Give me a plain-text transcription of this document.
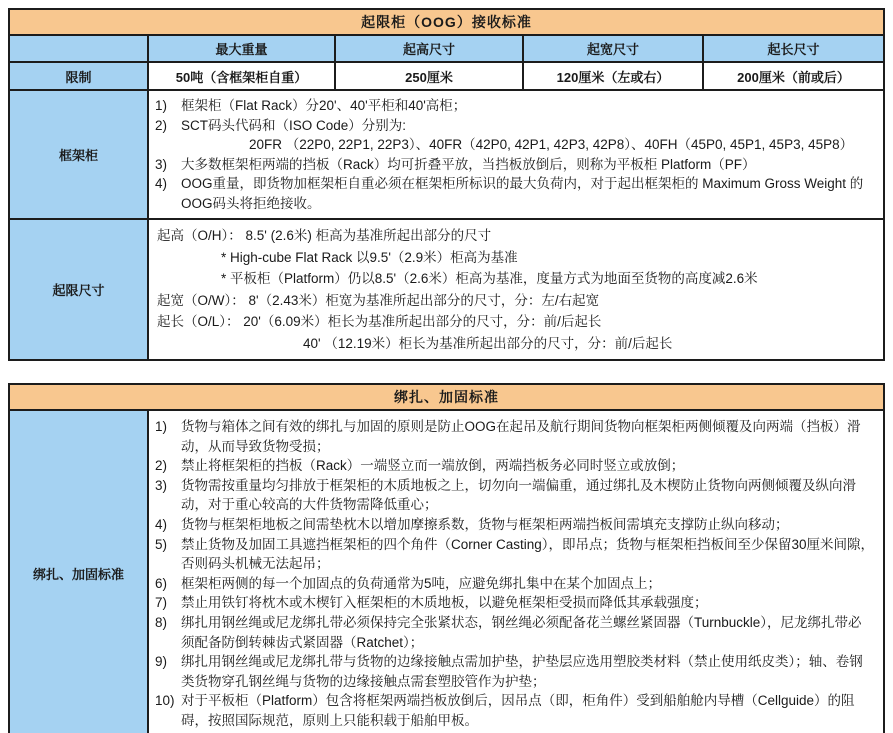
起限柜（OOG）接收标准
最大重量	起高尺寸	起宽尺寸	起长尺寸
限制	50吨（含框架柜自重）	250厘米	120厘米（左或右）	200厘米（前或后）
框架柜
1)	框架柜（Flat Rack）分20'、40'平柜和40'高柜；
2)	SCT码头代码和（ISO Code）分别为:
20FR （22P0, 22P1, 22P3）、40FR（42P0, 42P1, 42P3, 42P8）、40FH（45P0, 45P1, 45P3, 45P8）
3)	大多数框架柜两端的挡板（Rack）均可折叠平放，当挡板放倒后，则称为平板柜 Platform（PF）
4)	OOG重量，即货物加框架柜自重必须在框架柜所标识的最大负荷内，对于起出框架柜的 Maximum Gross Weight 的OOG码头将拒绝接收。
起限尺寸
起高（O/H）： 8.5' (2.6米) 柜高为基准所起出部分的尺寸
* High-cube Flat Rack 以9.5'（2.9米）柜高为基准
* 平板柜（Platform）仍以8.5'（2.6米）柜高为基准，度量方式为地面至货物的高度减2.6米
起宽（O/W）： 8'（2.43米）柜宽为基准所起出部分的尺寸，分：左/右起宽
起长（O/L）： 20'（6.09米）柜长为基准所起出部分的尺寸，分：前/后起长
40' （12.19米）柜长为基准所起出部分的尺寸，分：前/后起长
绑扎、加固标准
绑扎、加固标准
1)	货物与箱体之间有效的绑扎与加固的原则是防止OOG在起吊及航行期间货物向框架柜两侧倾覆及向两端（挡板）滑动，从而导致货物受损；
2)	禁止将框架柜的挡板（Rack）一端竖立而一端放倒，两端挡板务必同时竖立或放倒；
3)	货物需按重量均匀排放于框架柜的木质地板之上，切勿向一端偏重，通过绑扎及木楔防止货物向两侧倾覆及纵向滑动，对于重心较高的大件货物需降低重心；
4)	货物与框架柜地板之间需垫枕木以增加摩擦系数，货物与框架柜两端挡板间需填充支撑防止纵向移动；
5)	禁止货物及加固工具遮挡框架柜的四个角件（Corner Casting），即吊点；货物与框架柜挡板间至少保留30厘米间隙，否则码头机械无法起吊；
6)	框架柜两侧的每一个加固点的负荷通常为5吨，应避免绑扎集中在某个加固点上；
7)	禁止用铁钉将枕木或木楔钉入框架柜的木质地板，以避免框架柜受损而降低其承载强度；
8)	绑扎用钢丝绳或尼龙绑扎带必须保持完全张紧状态，钢丝绳必须配备花兰螺丝紧固器（Turnbuckle），尼龙绑扎带必须配备防倒转棘齿式紧固器（Ratchet）；
9)	绑扎用钢丝绳或尼龙绑扎带与货物的边缘接触点需加护垫，护垫层应选用塑胶类材料（禁止使用纸皮类）；轴、卷钢类货物穿孔钢丝绳与货物的边缘接触点需套塑胶管作为护垫；
10) 对于平板柜（Platform）包含将框架两端挡板放倒后，因吊点（即，柜角件）受到船舶舱内导槽（Cellguide）的阻碍，按照国际规范，原则上只能积载于船舶甲板。
